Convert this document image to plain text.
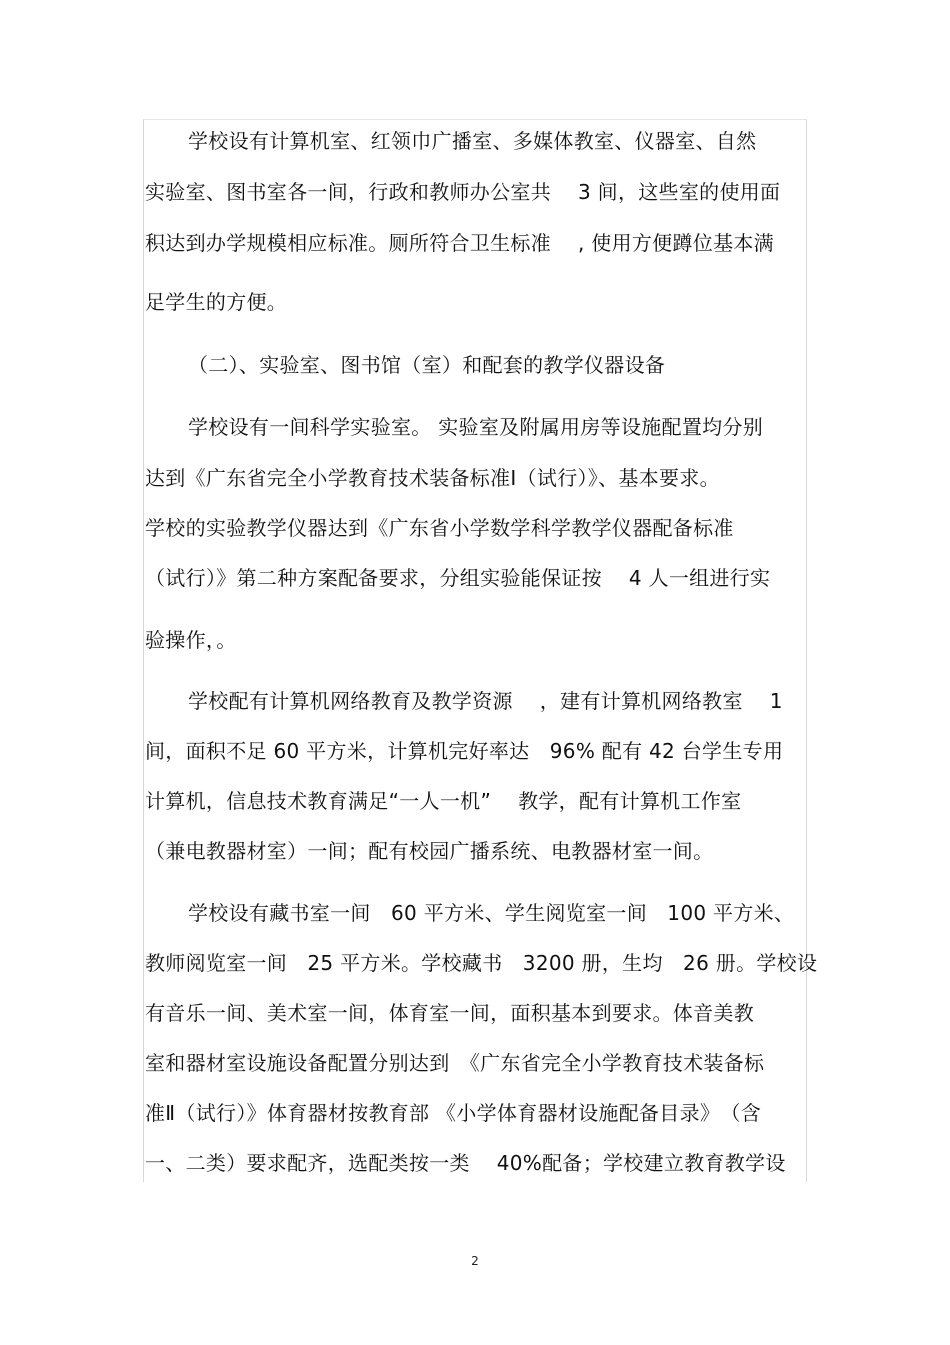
学校设有计算机室、红领巾广播室、多媒体教室、仪器室、自然
实验室、图书室各一间，行政和教师办公室共　 3 间，这些室的使用面
积达到办学规模相应标准。厕所符合卫生标准　 , 使用方便蹲位基本满
足学生的方便。
（二）、实验室、图书馆（室）和配套的教学仪器设备
学校设有一间科学实验室。 实验室及附属用房等设施配置均分别
达到《广东省完全小学教育技术装备标准Ⅰ（试行）》、基本要求。
学校的实验教学仪器达到《广东省小学数学科学教学仪器配备标准
（试行）》第二种方案配备要求，分组实验能保证按　 4 人一组进行实
验操作，。
学校配有计算机网络教育及教学资源　 ，建有计算机网络教室　 1
间，面积不足 60 平方米，计算机完好率达　96% 配有 42 台学生专用
计算机，信息技术教育满足“一人一机”　 教学，配有计算机工作室
（兼电教器材室）一间；配有校园广播系统、电教器材室一间。
学校设有藏书室一间　60 平方米、学生阅览室一间　100 平方米、
教师阅览室一间　25 平方米。学校藏书　3200 册，生均　26 册。学校设
有音乐一间、美术室一间，体育室一间，面积基本到要求。体音美教
室和器材室设施设备配置分别达到　《广东省完全小学教育技术装备标
准Ⅱ（试行）》体育器材按教育部 《小学体育器材设施配备目录》　（含
一、二类）要求配齐，选配类按一类　 40%配备；学校建立教育教学设
2
